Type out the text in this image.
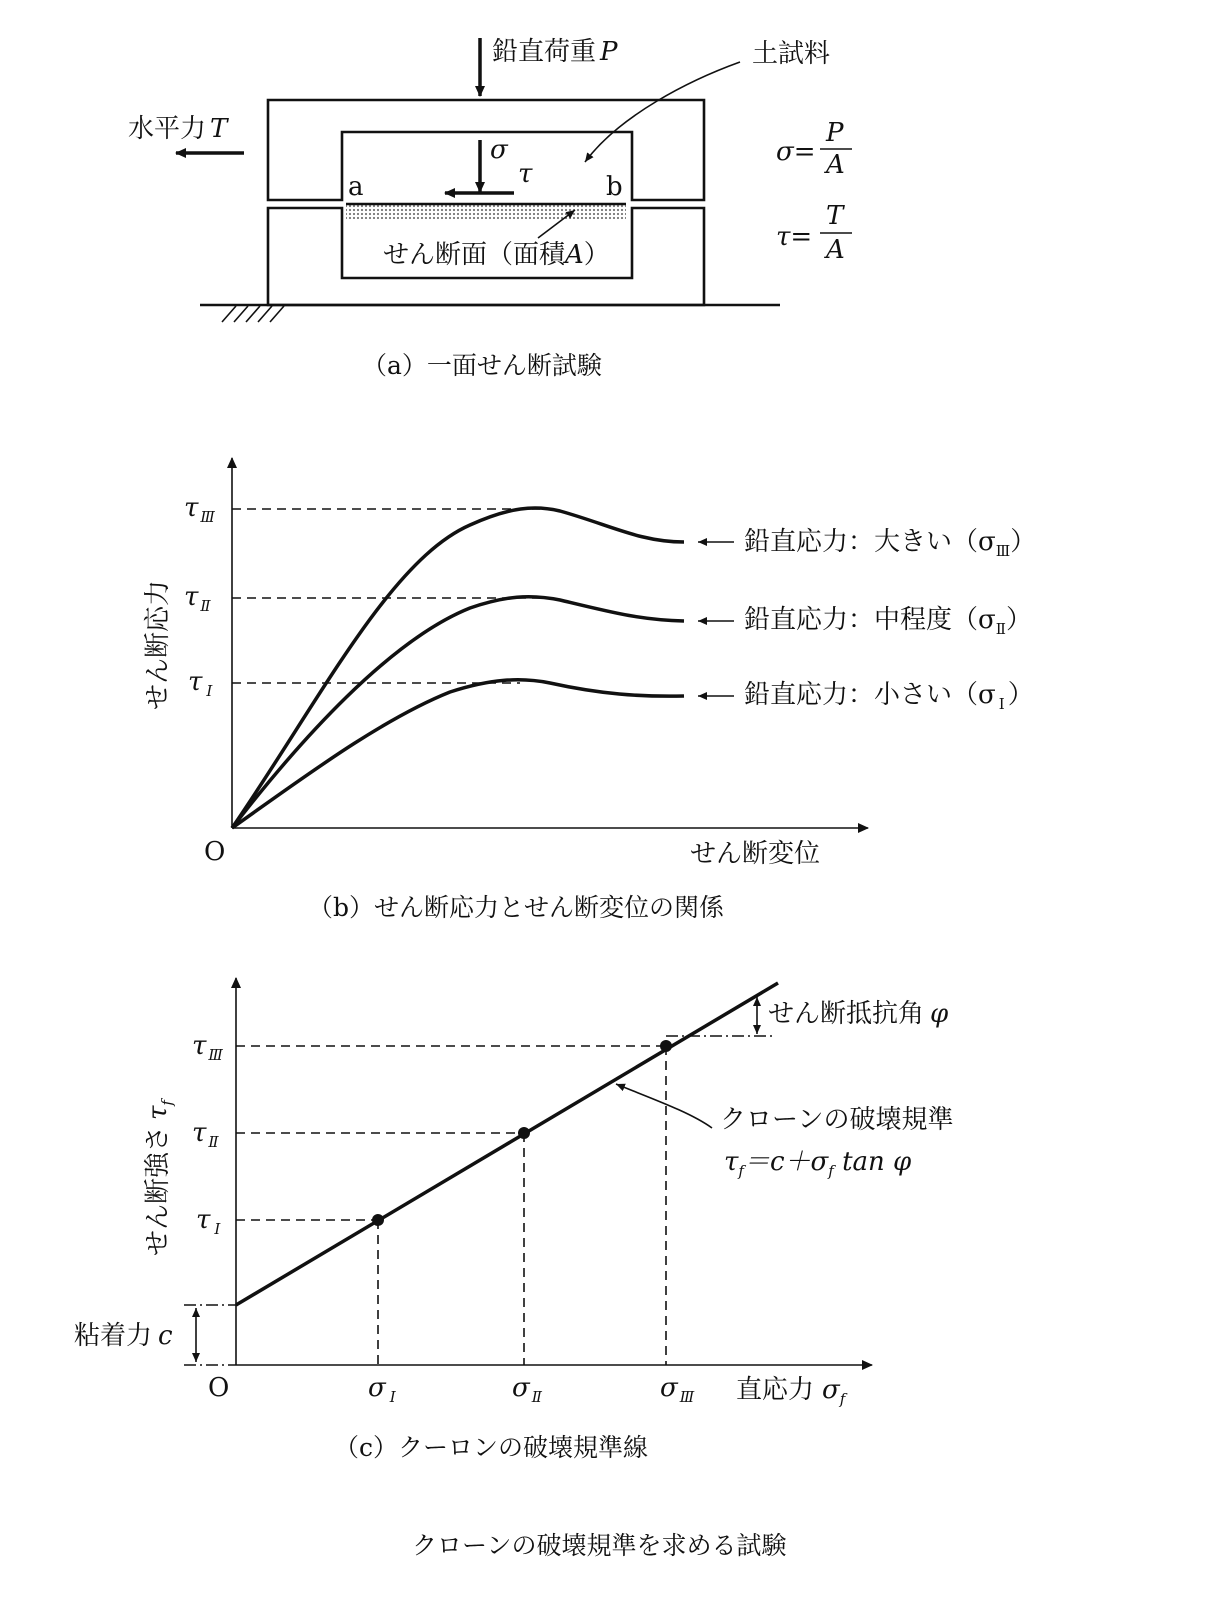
鉛直荷重 P	土試料
水平力 T
σ
τ
a	b
せん断面（面積A）
σ=
P
A
τ=
T
A
（a）一面せん断試験
O	せん断変位
せん断応力
τ $_Ⅲ$
τ $_Ⅱ$
τ $_I$
鉛直応力：大きい$(\sigma_Ⅲ)$
鉛直応力：中程度$(\sigma_Ⅱ)$
鉛直応力：小さい（σ $_I$ ）
（b）せん断応力とせん断変位の関係
O
τ $_Ⅲ$
τ $_Ⅱ$
τ $_I$
σ $_I$	σ $_Ⅱ$	σ $_Ⅲ$ 直応力 $\sigma_f$
せん断強さ$\tau_f$
粘着力 c
せん断抵抗角 φ
クローンの破壊規準
$\tau_f=c+\sigma_f$ tan φ
（c）クーロンの破壊規準線
クローンの破壊規準を求める試験
